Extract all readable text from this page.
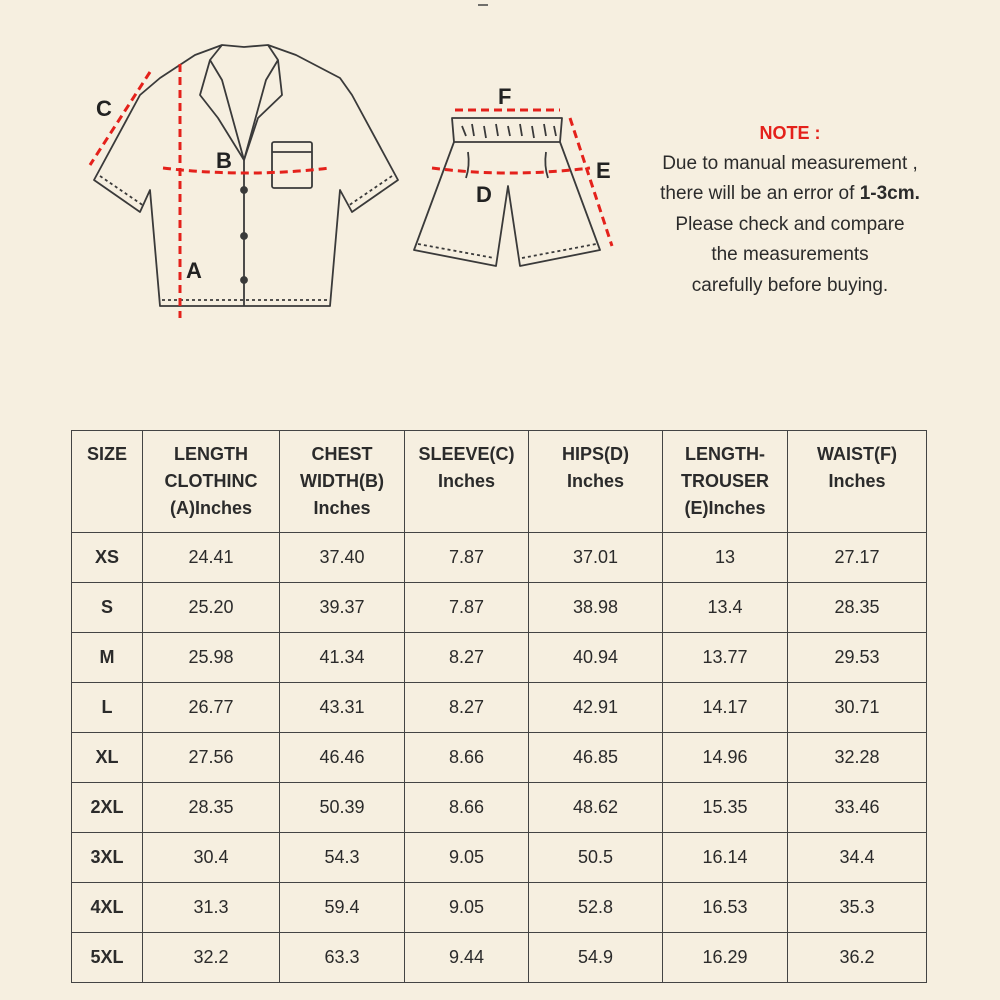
C
B
A
F
D
E
NOTE :
Due to manual measurement ,
there will be an error of 1-3cm.
Please check and compare
the measurements
carefully before buying.
SIZE	LENGTH
CLOTHINC
(A)Inches	CHEST
WIDTH(B)
Inches	SLEEVE(C)
Inches	HIPS(D)
Inches	LENGTH-
TROUSER
(E)Inches	WAIST(F)
Inches

XS	24.41	37.40	7.87	37.01	13	27.17
S	25.20	39.37	7.87	38.98	13.4	28.35
M	25.98	41.34	8.27	40.94	13.77	29.53
L	26.77	43.31	8.27	42.91	14.17	30.71
XL	27.56	46.46	8.66	46.85	14.96	32.28
2XL	28.35	50.39	8.66	48.62	15.35	33.46
3XL	30.4	54.3	9.05	50.5	16.14	34.4
4XL	31.3	59.4	9.05	52.8	16.53	35.3
5XL	32.2	63.3	9.44	54.9	16.29	36.2
